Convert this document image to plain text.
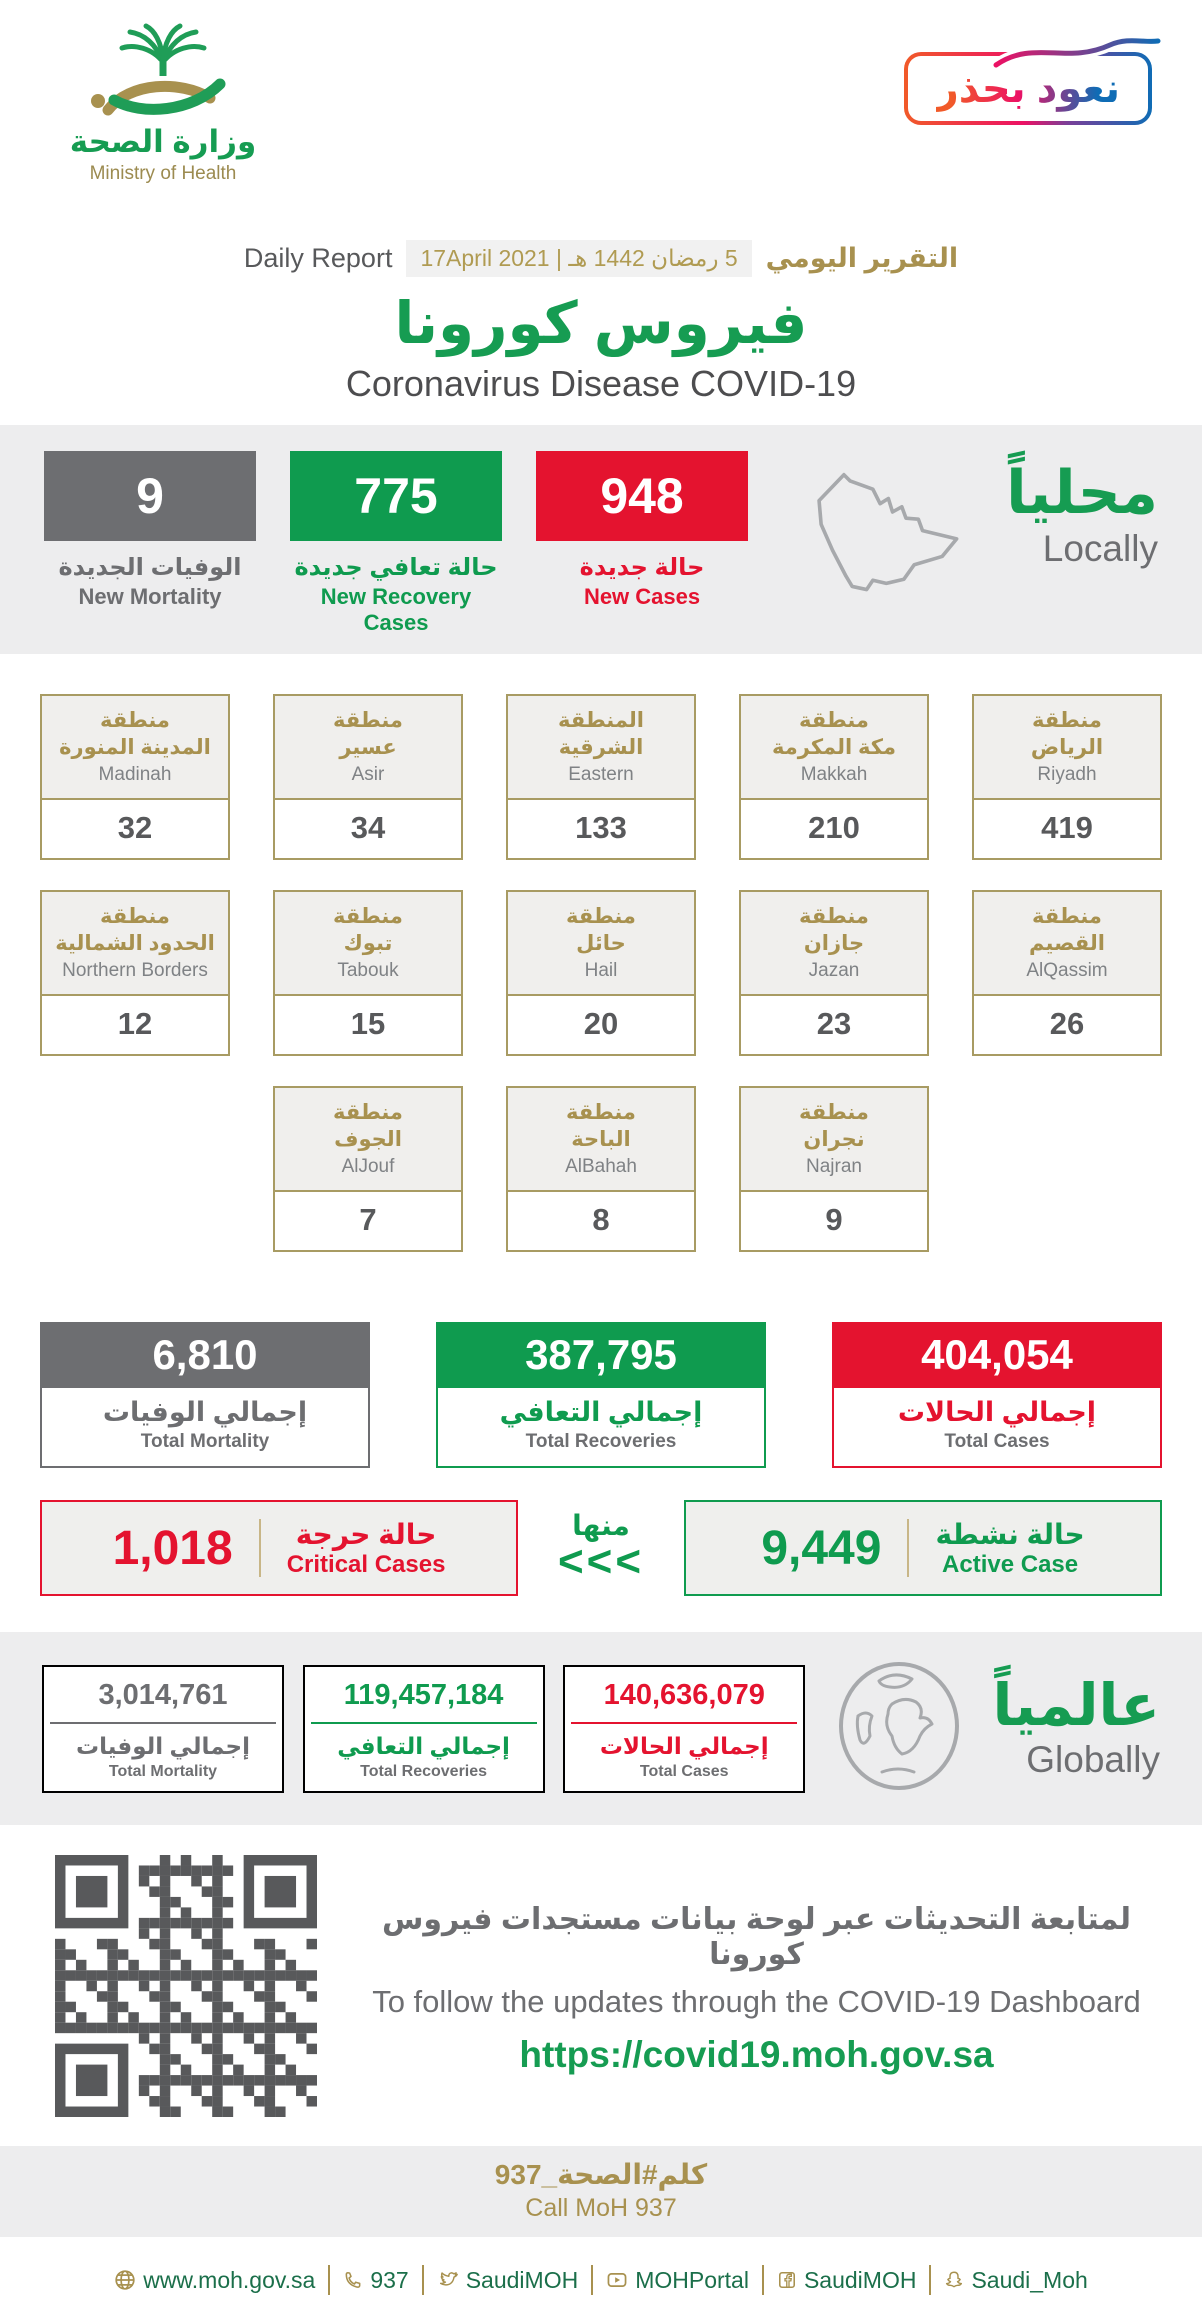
وزارة الصحة
Ministry of Health
نعود بحذر
التقرير اليومي
5 رمضان 1442 هـ | 17April 2021
Daily Report
فيروس كورونا
Coronavirus Disease COVID-19
9
الوفيات الجديدة
New Mortality
775
حالة تعافي جديدة
New Recovery Cases
948
حالة جديدة
New Cases
محلياً
Locally
منطقة
المدينة المنورة
Madinah
32
منطقة
عسير
Asir
34
المنطقة
الشرقية
Eastern
133
منطقة
مكة المكرمة
Makkah
210
منطقة
الرياض
Riyadh
419
منطقة
الحدود الشمالية
Northern Borders
12
منطقة
تبوك
Tabouk
15
منطقة
حائل
Hail
20
منطقة
جازان
Jazan
23
منطقة
القصيم
AlQassim
26
منطقة
الجوف
AlJouf
7
منطقة
الباحة
AlBahah
8
منطقة
نجران
Najran
9
6,810
إجمالي الوفيات
Total Mortality
387,795
إجمالي التعافي
Total Recoveries
404,054
إجمالي الحالات
Total Cases
حالة حرجة
Critical Cases
1,018	منها
<<<
حالة نشطة
Active Case
9,449
3,014,761
إجمالي الوفيات
Total Mortality
119,457,184
إجمالي التعافي
Total Recoveries
140,636,079
إجمالي الحالات
Total Cases
عالمياً
Globally
لمتابعة التحديثات عبر لوحة بيانات مستجدات فيروس كورونا
To follow the updates through the COVID-19 Dashboard
https://covid19.moh.gov.sa
كلم#الصحة_937
Call MoH 937
www.moh.gov.sa 937 SaudiMOH MOHPortal SaudiMOH Saudi_Moh
